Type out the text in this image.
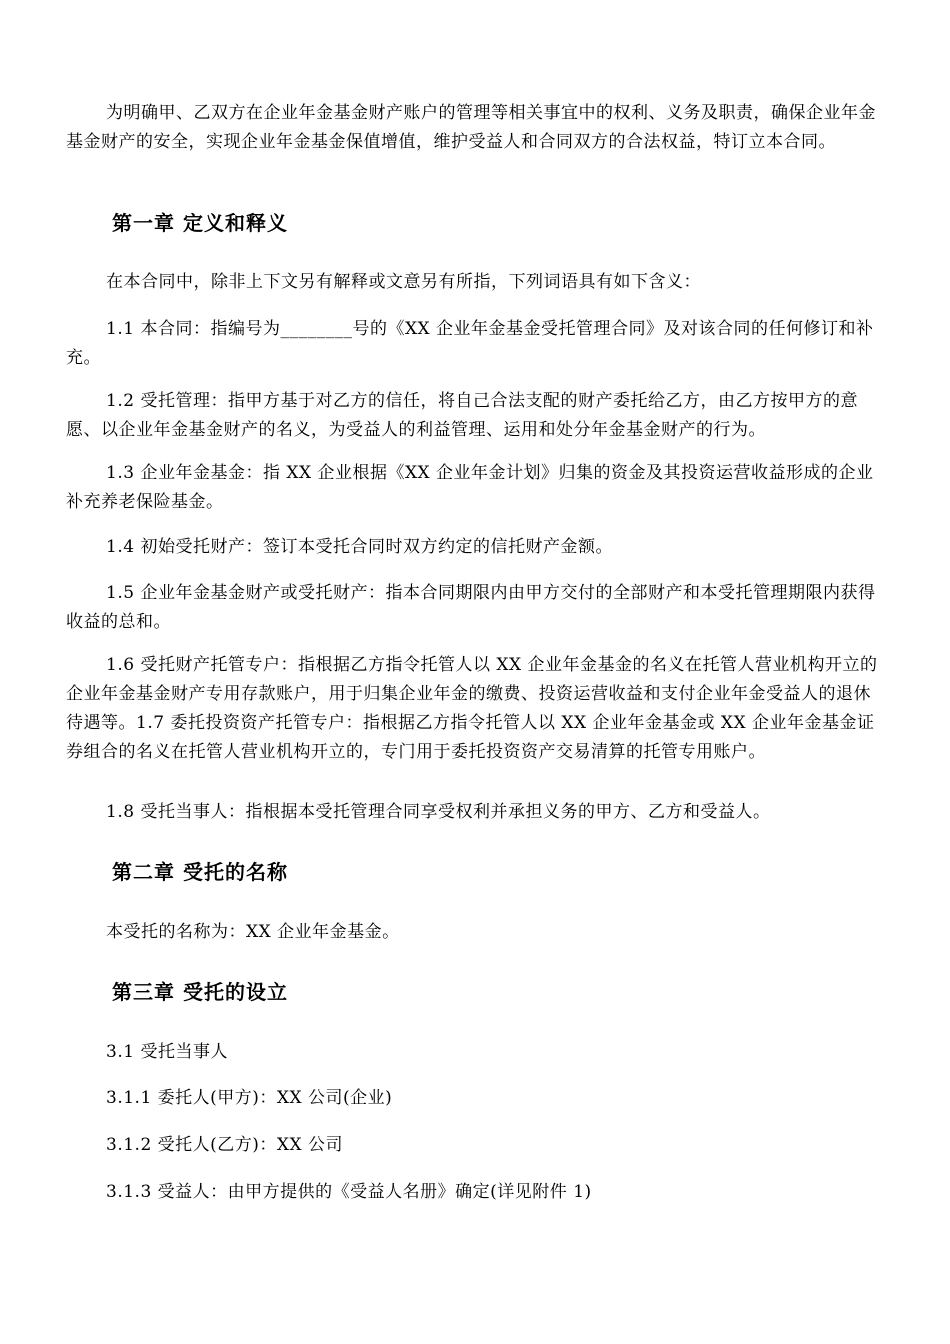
为明确甲、乙双方在企业年金基金财产账户的管理等相关事宜中的权利、义务及职责，确保企业年金基金财产的安全，实现企业年金基金保值增值，维护受益人和合同双方的合法权益，特订立本合同。
第一章 定义和释义
在本合同中，除非上下文另有解释或文意另有所指，下列词语具有如下含义：
1.1 本合同：指编号为________号的《XX 企业年金基金受托管理合同》及对该合同的任何修订和补充。
1.2 受托管理：指甲方基于对乙方的信任，将自己合法支配的财产委托给乙方，由乙方按甲方的意愿、以企业年金基金财产的名义，为受益人的利益管理、运用和处分年金基金财产的行为。
1.3 企业年金基金：指 XX 企业根据《XX 企业年金计划》归集的资金及其投资运营收益形成的企业补充养老保险基金。
1.4 初始受托财产：签订本受托合同时双方约定的信托财产金额。
1.5 企业年金基金财产或受托财产：指本合同期限内由甲方交付的全部财产和本受托管理期限内获得收益的总和。
1.6 受托财产托管专户：指根据乙方指令托管人以 XX 企业年金基金的名义在托管人营业机构开立的企业年金基金财产专用存款账户，用于归集企业年金的缴费、投资运营收益和支付企业年金受益人的退休待遇等。1.7 委托投资资产托管专户：指根据乙方指令托管人以 XX 企业年金基金或 XX 企业年金基金证券组合的名义在托管人营业机构开立的，专门用于委托投资资产交易清算的托管专用账户。
1.8 受托当事人：指根据本受托管理合同享受权利并承担义务的甲方、乙方和受益人。
第二章 受托的名称
本受托的名称为：XX 企业年金基金。
第三章 受托的设立
3.1 受托当事人
3.1.1 委托人(甲方)：XX 公司(企业)
3.1.2 受托人(乙方)：XX 公司
3.1.3 受益人：由甲方提供的《受益人名册》确定(详见附件 1)
